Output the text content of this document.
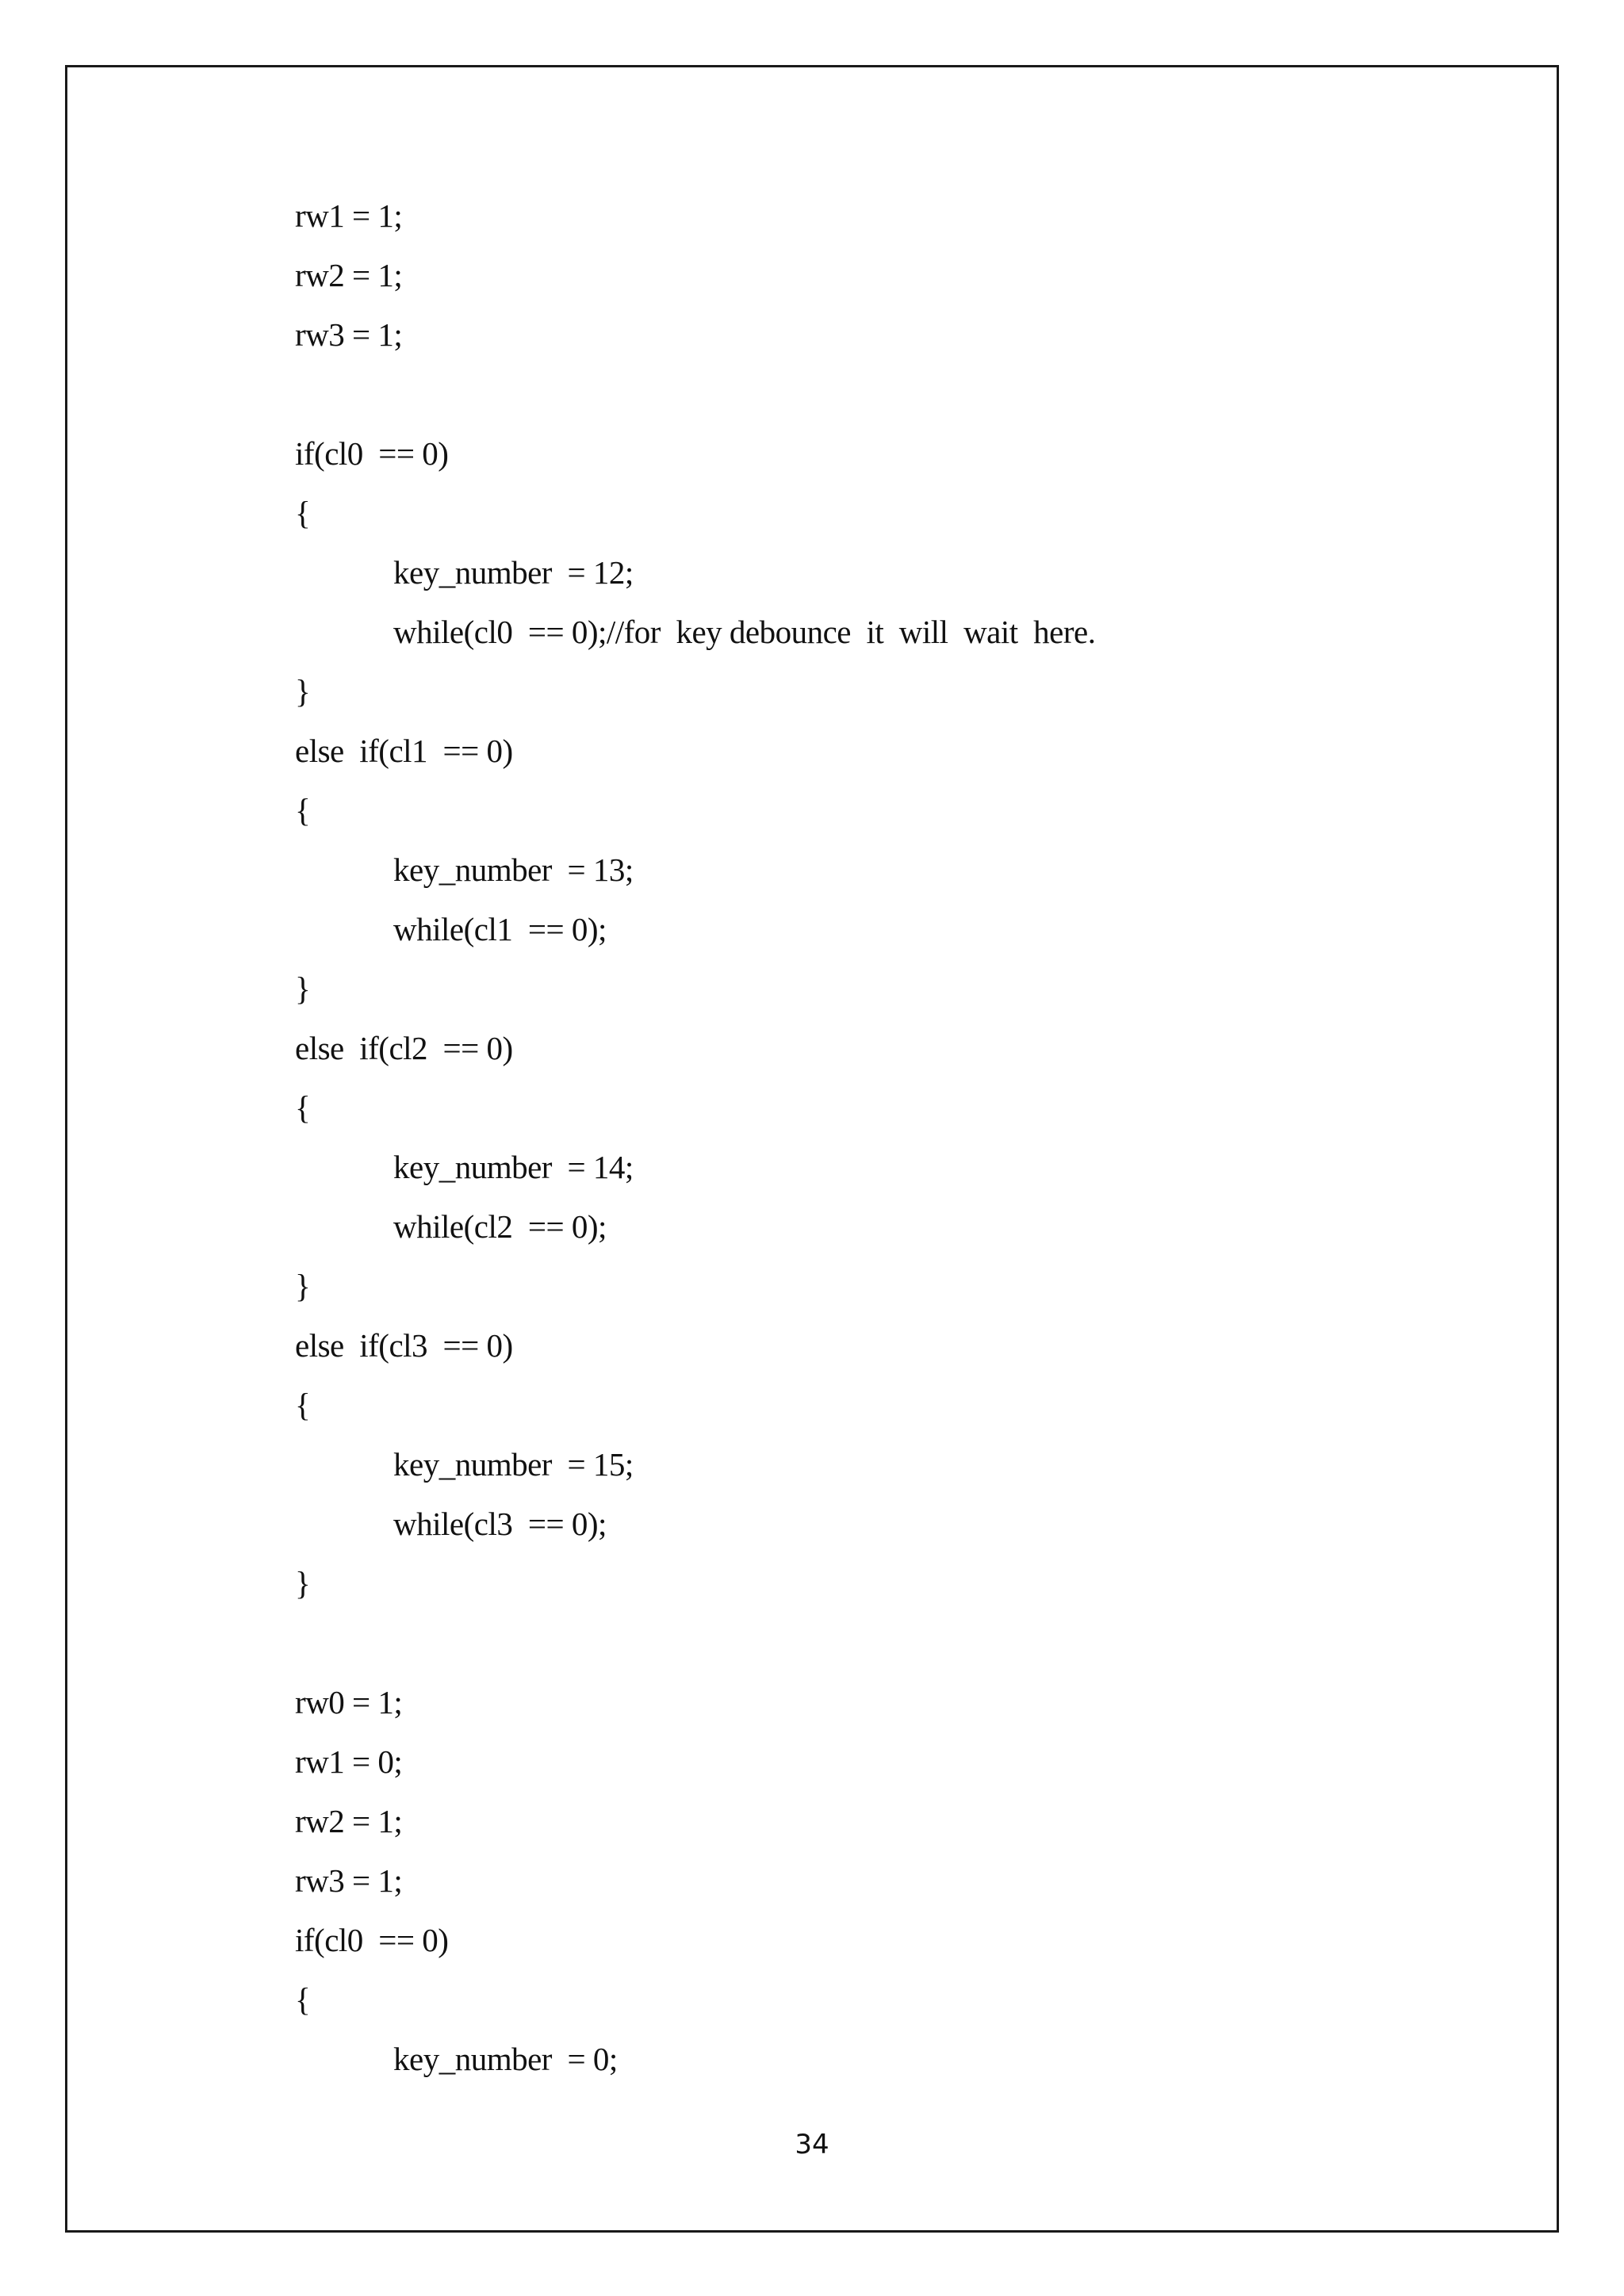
rw1 = 1;
rw2 = 1;
rw3 = 1;
if(cl0  == 0)
{
key_number  = 12;
while(cl0  == 0);//for  key debounce  it  will  wait  here.
}
else  if(cl1  == 0)
{
key_number  = 13;
while(cl1  == 0);
}
else  if(cl2  == 0)
{
key_number  = 14;
while(cl2  == 0);
}
else  if(cl3  == 0)
{
key_number  = 15;
while(cl3  == 0);
}
rw0 = 1;
rw1 = 0;
rw2 = 1;
rw3 = 1;
if(cl0  == 0)
{
key_number  = 0;
34
